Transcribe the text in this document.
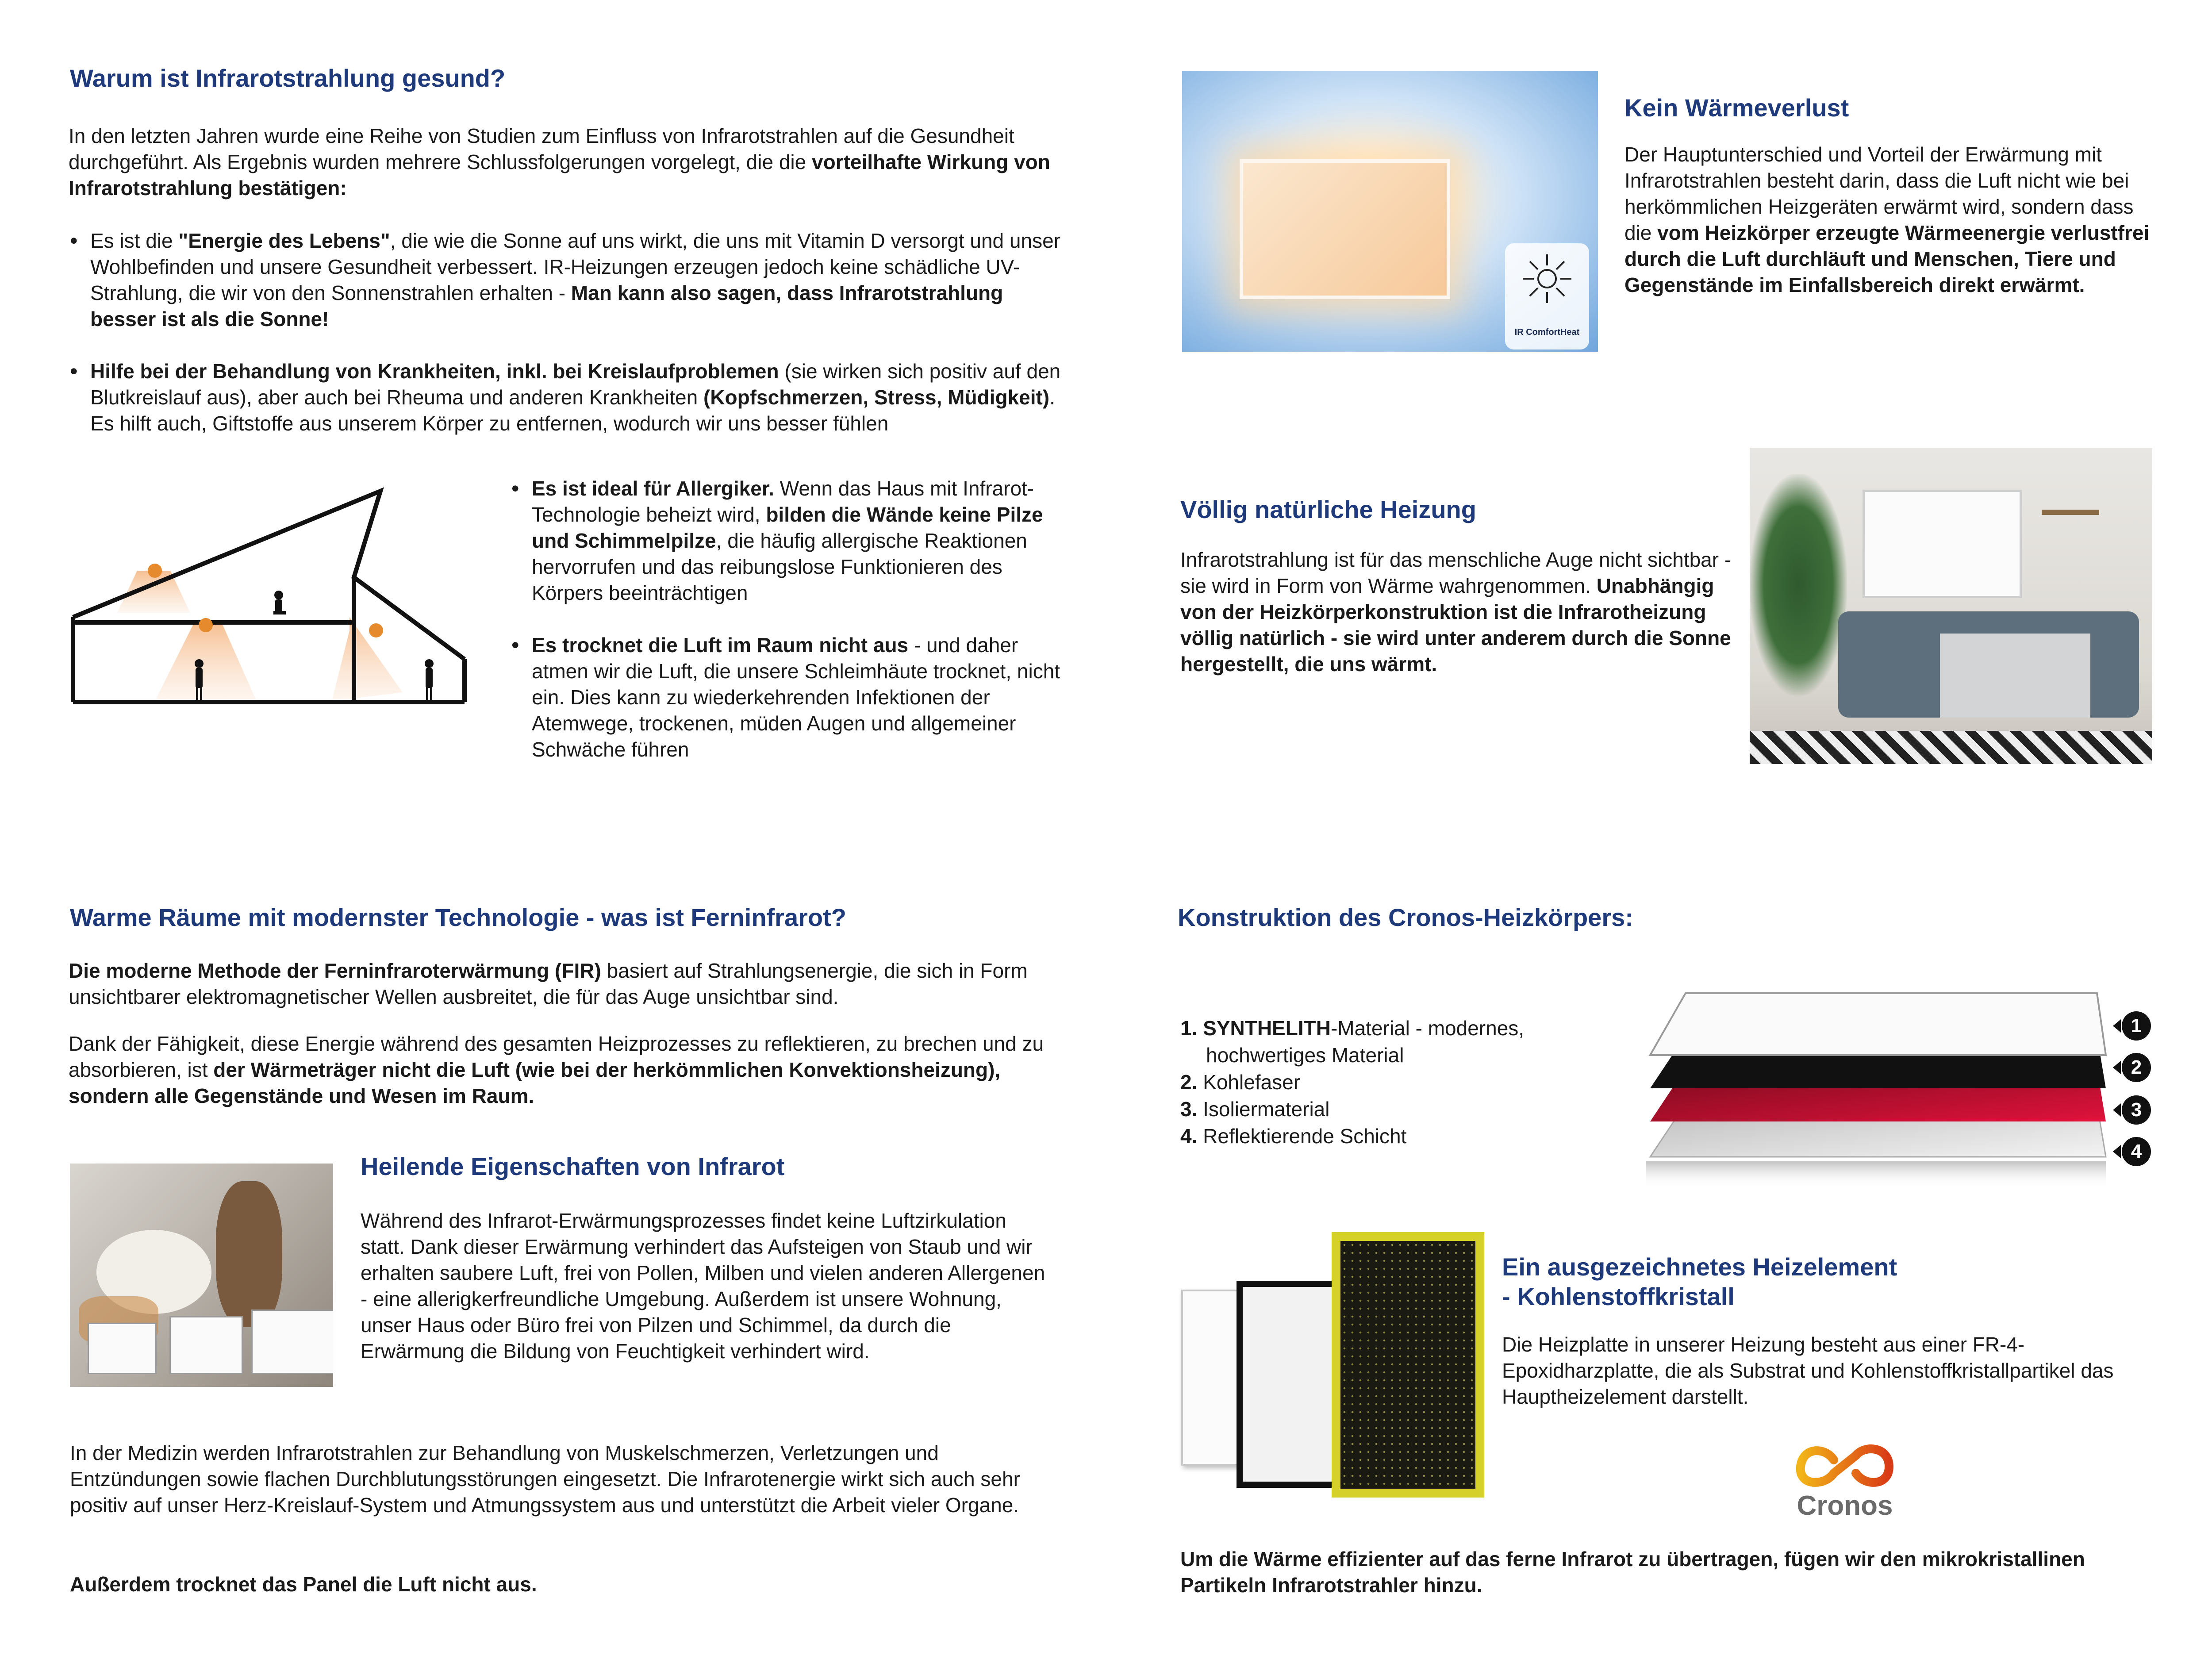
Warum ist Infrarotstrahlung gesund?

In den letzten Jahren wurde eine Reihe von Studien zum Einfluss von Infrarotstrahlen auf die Gesundheit durchgeführt. Als Ergebnis wurden mehrere Schlussfolgerungen vorgelegt, die die vorteilhafte Wirkung von Infrarotstrahlung bestätigen:

• Es ist die "Energie des Lebens", die wie die Sonne auf uns wirkt, die uns mit Vitamin D versorgt und unser Wohlbefinden und unsere Gesundheit verbessert. IR-Heizungen erzeugen jedoch keine schädliche UV-Strahlung, die wir von den Sonnenstrahlen erhalten - Man kann also sagen, dass Infrarotstrahlung besser ist als die Sonne!
• Hilfe bei der Behandlung von Krankheiten, inkl. bei Kreislaufproblemen (sie wirken sich positiv auf den Blutkreislauf aus), aber auch bei Rheuma und anderen Krankheiten (Kopfschmerzen, Stress, Müdigkeit). Es hilft auch, Giftstoffe aus unserem Körper zu entfernen, wodurch wir uns besser fühlen
• Es ist ideal für Allergiker. Wenn das Haus mit Infrarot-Technologie beheizt wird, bilden die Wände keine Pilze und Schimmelpilze, die häufig allergische Reaktionen hervorrufen und das reibungslose Funktionieren des Körpers beeinträchtigen
• Es trocknet die Luft im Raum nicht aus - und daher atmen wir die Luft, die unsere Schleimhäute trocknet, nicht ein. Dies kann zu wiederkehrenden Infektionen der Atemwege, trockenen, müden Augen und allgemeiner Schwäche führen
Warme Räume mit modernster Technologie - was ist Ferninfrarot?

Die moderne Methode der Ferninfraroterwärmung (FIR) basiert auf Strahlungsenergie, die sich in Form unsichtbarer elektromagnetischer Wellen ausbreitet, die für das Auge unsichtbar sind.

Dank der Fähigkeit, diese Energie während des gesamten Heizprozesses zu reflektieren, zu brechen und zu absorbieren, ist der Wärmeträger nicht die Luft (wie bei der herkömmlichen Konvektionsheizung), sondern alle Gegenstände und Wesen im Raum.

Heilende Eigenschaften von Infrarot

Während des Infrarot-Erwärmungsprozesses findet keine Luftzirkulation statt. Dank dieser Erwärmung verhindert das Aufsteigen von Staub und wir erhalten saubere Luft, frei von Pollen, Milben und vielen anderen Allergenen - eine allerigkerfreundliche Umgebung. Außerdem ist unsere Wohnung, unser Haus oder Büro frei von Pilzen und Schimmel, da durch die Erwärmung die Bildung von Feuchtigkeit verhindert wird.

In der Medizin werden Infrarotstrahlen zur Behandlung von Muskelschmerzen, Verletzungen und Entzündungen sowie flachen Durchblutungsstörungen eingesetzt. Die Infrarotenergie wirkt sich auch sehr positiv auf unser Herz-Kreislauf-System und Atmungssystem aus und unterstützt die Arbeit vieler Organe.

Außerdem trocknet das Panel die Luft nicht aus.

IR ComfortHeat
Kein Wärmeverlust

Der Hauptunterschied und Vorteil der Erwärmung mit Infrarotstrahlen besteht darin, dass die Luft nicht wie bei herkömmlichen Heizgeräten erwärmt wird, sondern dass die vom Heizkörper erzeugte Wärmeenergie verlustfrei durch die Luft durchläuft und Menschen, Tiere und Gegenstände im Einfallsbereich direkt erwärmt.

Völlig natürliche Heizung

Infrarotstrahlung ist für das menschliche Auge nicht sichtbar - sie wird in Form von Wärme wahrgenommen. Unabhängig von der Heizkörperkonstruktion ist die Infrarotheizung völlig natürlich - sie wird unter anderem durch die Sonne hergestellt, die uns wärmt.

Konstruktion des Cronos-Heizkörpers:
1. SYNTHELITH-Material - modernes,
hochwertiges Material
2. Kohlefaser
3. Isoliermaterial
4. Reflektierende Schicht
1
2
3
4
Ein ausgezeichnetes Heizelement
- Kohlenstoffkristall

Die Heizplatte in unserer Heizung besteht aus einer FR-4-Epoxidharzplatte, die als Substrat und Kohlenstoffkristallpartikel das Hauptheizelement darstellt.

Cronos

Um die Wärme effizienter auf das ferne Infrarot zu übertragen, fügen wir den mikrokristallinen Partikeln Infrarotstrahler hinzu.
